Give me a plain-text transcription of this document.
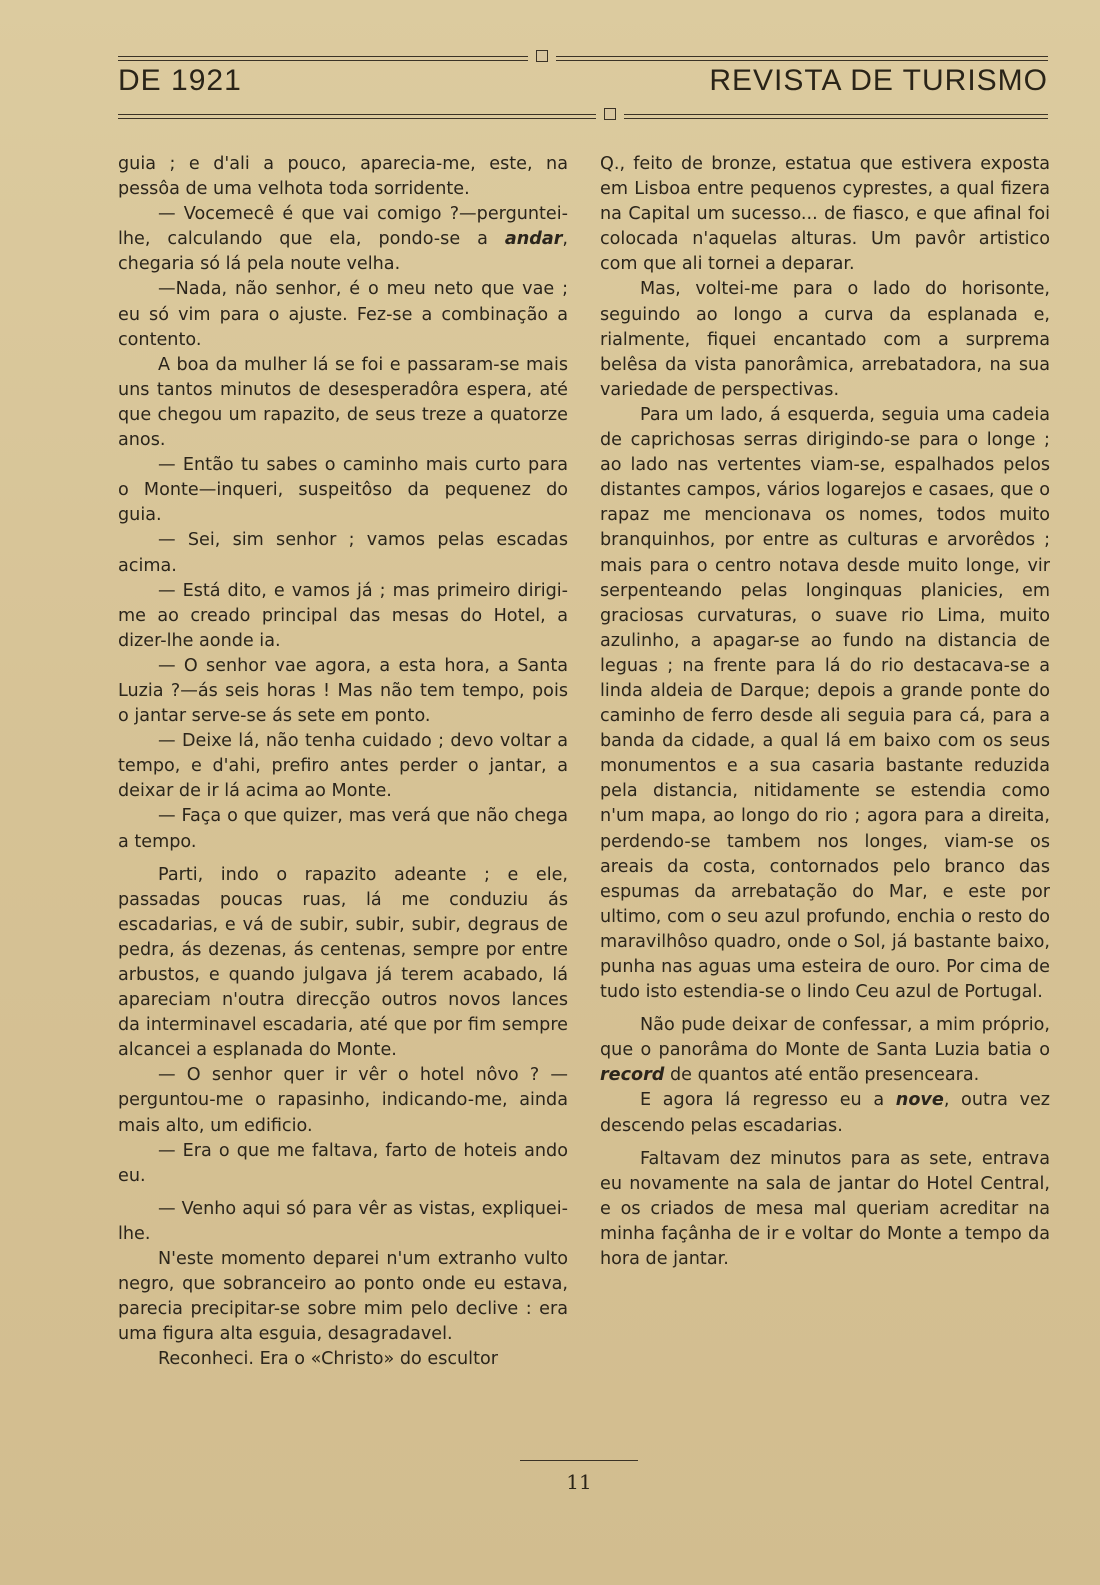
DE 1921	REVISTA DE TURISMO

guia ; e d'ali a pouco, aparecia-me, este, na pessôa de uma velhota toda sorridente.

— Vocemecê é que vai comigo ?—perguntei-lhe, calculando que ela, pondo-se a andar, chegaria só lá pela noute velha.

—Nada, não senhor, é o meu neto que vae ; eu só vim para o ajuste. Fez-se a combinação a contento.

A boa da mulher lá se foi e passaram-se mais uns tantos minutos de desesperadôra espera, até que chegou um rapazito, de seus treze a quatorze anos.

— Então tu sabes o caminho mais curto para o Monte—inqueri, suspeitôso da pequenez do guia.

— Sei, sim senhor ; vamos pelas escadas acima.

— Está dito, e vamos já ; mas primeiro dirigi-me ao creado principal das mesas do Hotel, a dizer-lhe aonde ia.

— O senhor vae agora, a esta hora, a Santa Luzia ?—ás seis horas ! Mas não tem tempo, pois o jantar serve-se ás sete em ponto.

— Deixe lá, não tenha cuidado ; devo voltar a tempo, e d'ahi, prefiro antes perder o jantar, a deixar de ir lá acima ao Monte.

— Faça o que quizer, mas verá que não chega a tempo.

Parti, indo o rapazito adeante ; e ele, passadas poucas ruas, lá me conduziu ás escadarias, e vá de subir, subir, subir, degraus de pedra, ás dezenas, ás centenas, sempre por entre arbustos, e quando julgava já terem acabado, lá apareciam n'outra direcção outros novos lances da interminavel escadaria, até que por fim sempre alcancei a esplanada do Monte.

— O senhor quer ir vêr o hotel nôvo ? —perguntou-me o rapasinho, indicando-me, ainda mais alto, um edificio.

— Era o que me faltava, farto de hoteis ando eu.

— Venho aqui só para vêr as vistas, expliquei-lhe.

N'este momento deparei n'um extranho vulto negro, que sobranceiro ao ponto onde eu estava, parecia precipitar-se sobre mim pelo declive : era uma figura alta esguia, desagradavel.

Reconheci. Era o «Christo» do escultor

Q., feito de bronze, estatua que estivera exposta em Lisboa entre pequenos cyprestes, a qual fizera na Capital um sucesso... de fiasco, e que afinal foi colocada n'aquelas alturas. Um pavôr artistico com que ali tornei a deparar.

Mas, voltei-me para o lado do horisonte, seguindo ao longo a curva da esplanada e, rialmente, fiquei encantado com a surprema belêsa da vista panorâmica, arrebatadora, na sua variedade de perspectivas.

Para um lado, á esquerda, seguia uma cadeia de caprichosas serras dirigindo-se para o longe ; ao lado nas vertentes viam-se, espalhados pelos distantes campos, vários logarejos e casaes, que o rapaz me mencionava os nomes, todos muito branquinhos, por entre as culturas e arvorêdos ; mais para o centro notava desde muito longe, vir serpenteando pelas longinquas planicies, em graciosas curvaturas, o suave rio Lima, muito azulinho, a apagar-se ao fundo na distancia de leguas ; na frente para lá do rio destacava-se a linda aldeia de Darque; depois a grande ponte do caminho de ferro desde ali seguia para cá, para a banda da cidade, a qual lá em baixo com os seus monumentos e a sua casaria bastante reduzida pela distancia, nitidamente se estendia como n'um mapa, ao longo do rio ; agora para a direita, perdendo-se tambem nos longes, viam-se os areais da costa, contornados pelo branco das espumas da arrebatação do Mar, e este por ultimo, com o seu azul profundo, enchia o resto do maravilhôso quadro, onde o Sol, já bastante baixo, punha nas aguas uma esteira de ouro. Por cima de tudo isto estendia-se o lindo Ceu azul de Portugal.

Não pude deixar de confessar, a mim próprio, que o panorâma do Monte de Santa Luzia batia o record de quantos até então presenceara.

E agora lá regresso eu a nove, outra vez descendo pelas escadarias.

Faltavam dez minutos para as sete, entrava eu novamente na sala de jantar do Hotel Central, e os criados de mesa mal queriam acreditar na minha façânha de ir e voltar do Monte a tempo da hora de jantar.

11
